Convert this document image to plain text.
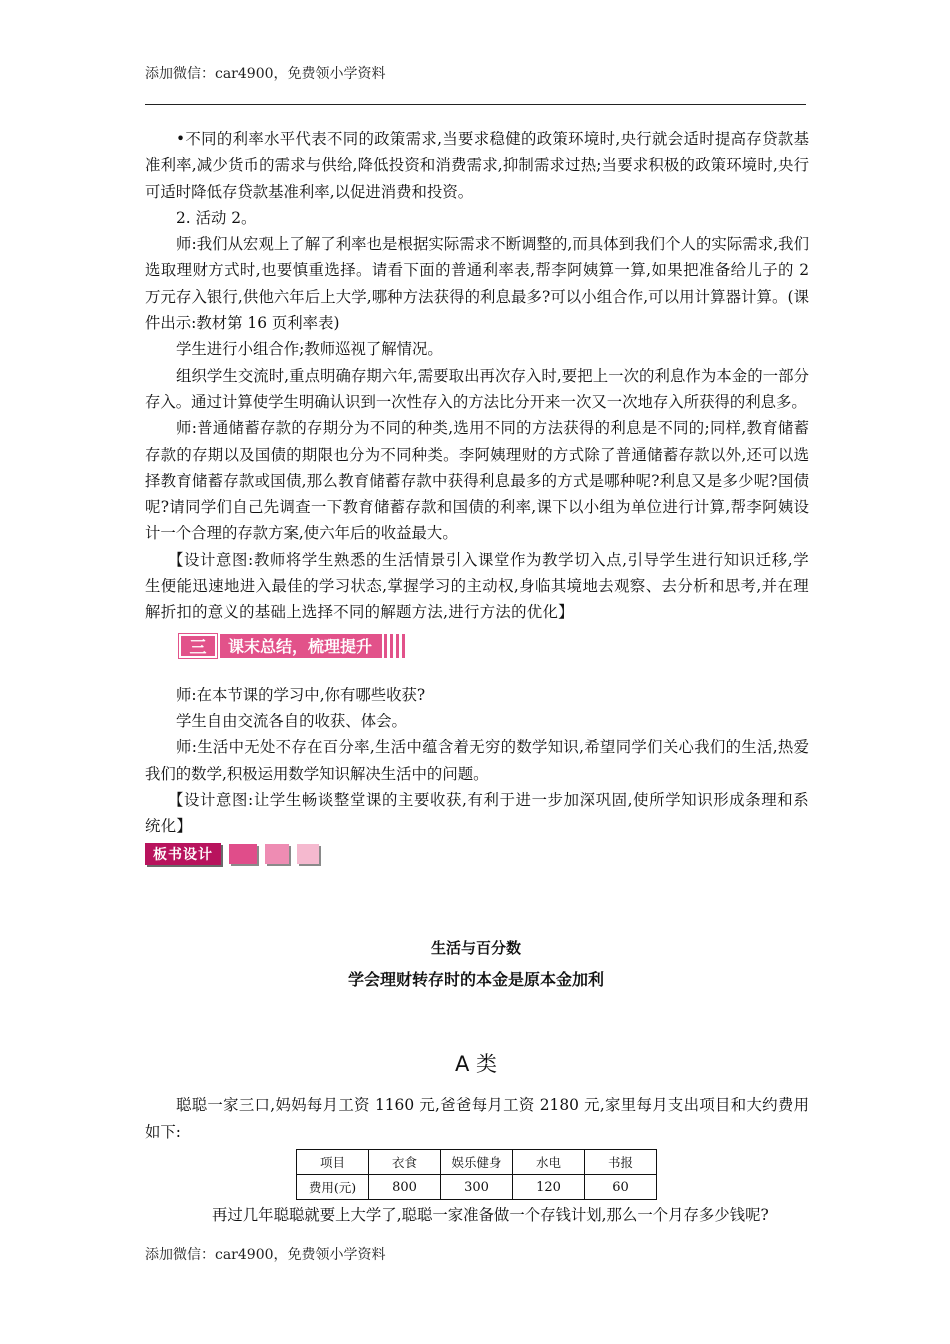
添加微信：car4900，免费领小学资料

•不同的利率水平代表不同的政策需求,当要求稳健的政策环境时,央行就会适时提高存贷款基准利率,减少货币的需求与供给,降低投资和消费需求,抑制需求过热;当要求积极的政策环境时,央行可适时降低存贷款基准利率,以促进消费和投资。

2. 活动 2。

师:我们从宏观上了解了利率也是根据实际需求不断调整的,而具体到我们个人的实际需求,我们选取理财方式时,也要慎重选择。请看下面的普通利率表,帮李阿姨算一算,如果把准备给儿子的 2 万元存入银行,供他六年后上大学,哪种方法获得的利息最多?可以小组合作,可以用计算器计算。(课件出示:教材第 16 页利率表)

学生进行小组合作;教师巡视了解情况。

组织学生交流时,重点明确存期六年,需要取出再次存入时,要把上一次的利息作为本金的一部分存入。通过计算使学生明确认识到一次性存入的方法比分开来一次又一次地存入所获得的利息多。

师:普通储蓄存款的存期分为不同的种类,选用不同的方法获得的利息是不同的;同样,教育储蓄存款的存期以及国债的期限也分为不同种类。李阿姨理财的方式除了普通储蓄存款以外,还可以选择教育储蓄存款或国债,那么教育储蓄存款中获得利息最多的方式是哪种呢?利息又是多少呢?国债呢?请同学们自己先调查一下教育储蓄存款和国债的利率,课下以小组为单位进行计算,帮李阿姨设计一个合理的存款方案,使六年后的收益最大。

【设计意图:教师将学生熟悉的生活情景引入课堂作为教学切入点,引导学生进行知识迁移,学生便能迅速地进入最佳的学习状态,掌握学习的主动权,身临其境地去观察、去分析和思考,并在理解折扣的意义的基础上选择不同的解题方法,进行方法的优化】

三	课末总结，梳理提升

师:在本节课的学习中,你有哪些收获?

学生自由交流各自的收获、体会。

师:生活中无处不存在百分率,生活中蕴含着无穷的数学知识,希望同学们关心我们的生活,热爱我们的数学,积极运用数学知识解决生活中的问题。

【设计意图:让学生畅谈整堂课的主要收获,有利于进一步加深巩固,使所学知识形成条理和系统化】

板书设计
生活与百分数
学会理财转存时的本金是原本金加利
A 类

聪聪一家三口,妈妈每月工资 1160 元,爸爸每月工资 2180 元,家里每月支出项目和大约费用如下:

项目	衣食	娱乐健身	水电	书报
费用(元)	800	300	120	60

再过几年聪聪就要上大学了,聪聪一家准备做一个存钱计划,那么一个月存多少钱呢?

添加微信：car4900，免费领小学资料
